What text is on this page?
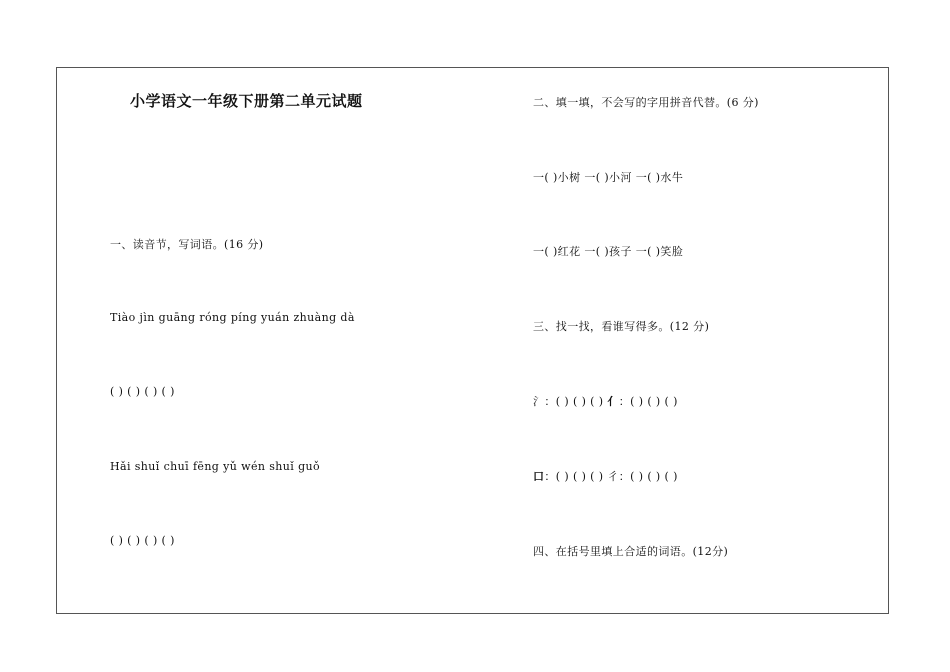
小学语文一年级下册第二单元试题
一、读音节，写词语。(16 分)
Tiào jìn guāng róng píng yuán zhuàng dà
( ) ( ) ( ) ( )
Hǎi shuǐ chuī fēng yǔ wén shuǐ guǒ
( ) ( ) ( ) ( )
二、填一填，不会写的字用拼音代替。(6 分)
一( )小树 一( )小河 一( )水牛
一( )红花 一( )孩子 一( )笑脸
三、找一找，看谁写得多。(12 分)
氵：( ) ( ) ( ) 亻：( ) ( ) ( )
口：( ) ( ) ( ) 彳：( ) ( ) ( )
四、在括号里填上合适的词语。(12分)
